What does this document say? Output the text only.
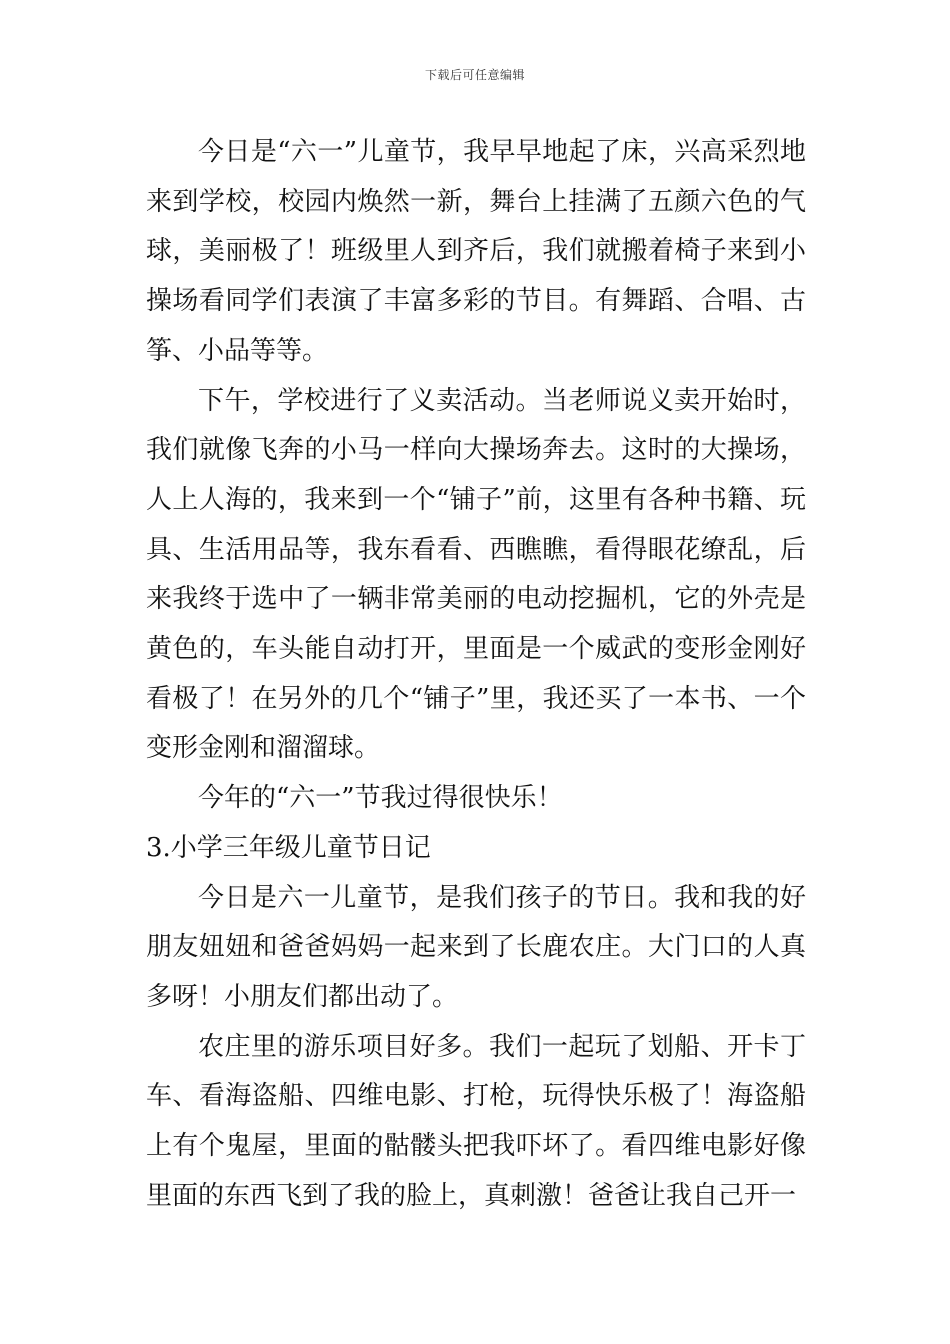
下载后可任意编辑

今日是“六一”儿童节，我早早地起了床，兴高采烈地来到学校，校园内焕然一新，舞台上挂满了五颜六色的气球，美丽极了！班级里人到齐后，我们就搬着椅子来到小操场看同学们表演了丰富多彩的节目。有舞蹈、合唱、古筝、小品等等。

下午，学校进行了义卖活动。当老师说义卖开始时，我们就像飞奔的小马一样向大操场奔去。这时的大操场，人上人海的，我来到一个“铺子”前，这里有各种书籍、玩具、生活用品等，我东看看、西瞧瞧，看得眼花缭乱，后来我终于选中了一辆非常美丽的电动挖掘机，它的外壳是黄色的，车头能自动打开，里面是一个威武的变形金刚好看极了！在另外的几个“铺子”里，我还买了一本书、一个变形金刚和溜溜球。

今年的“六一”节我过得很快乐！

3.小学三年级儿童节日记

今日是六一儿童节，是我们孩子的节日。我和我的好朋友妞妞和爸爸妈妈一起来到了长鹿农庄。大门口的人真多呀！小朋友们都出动了。

农庄里的游乐项目好多。我们一起玩了划船、开卡丁车、看海盗船、四维电影、打枪，玩得快乐极了！海盗船上有个鬼屋，里面的骷髅头把我吓坏了。看四维电影好像里面的东西飞到了我的脸上，真刺激！爸爸让我自己开一
